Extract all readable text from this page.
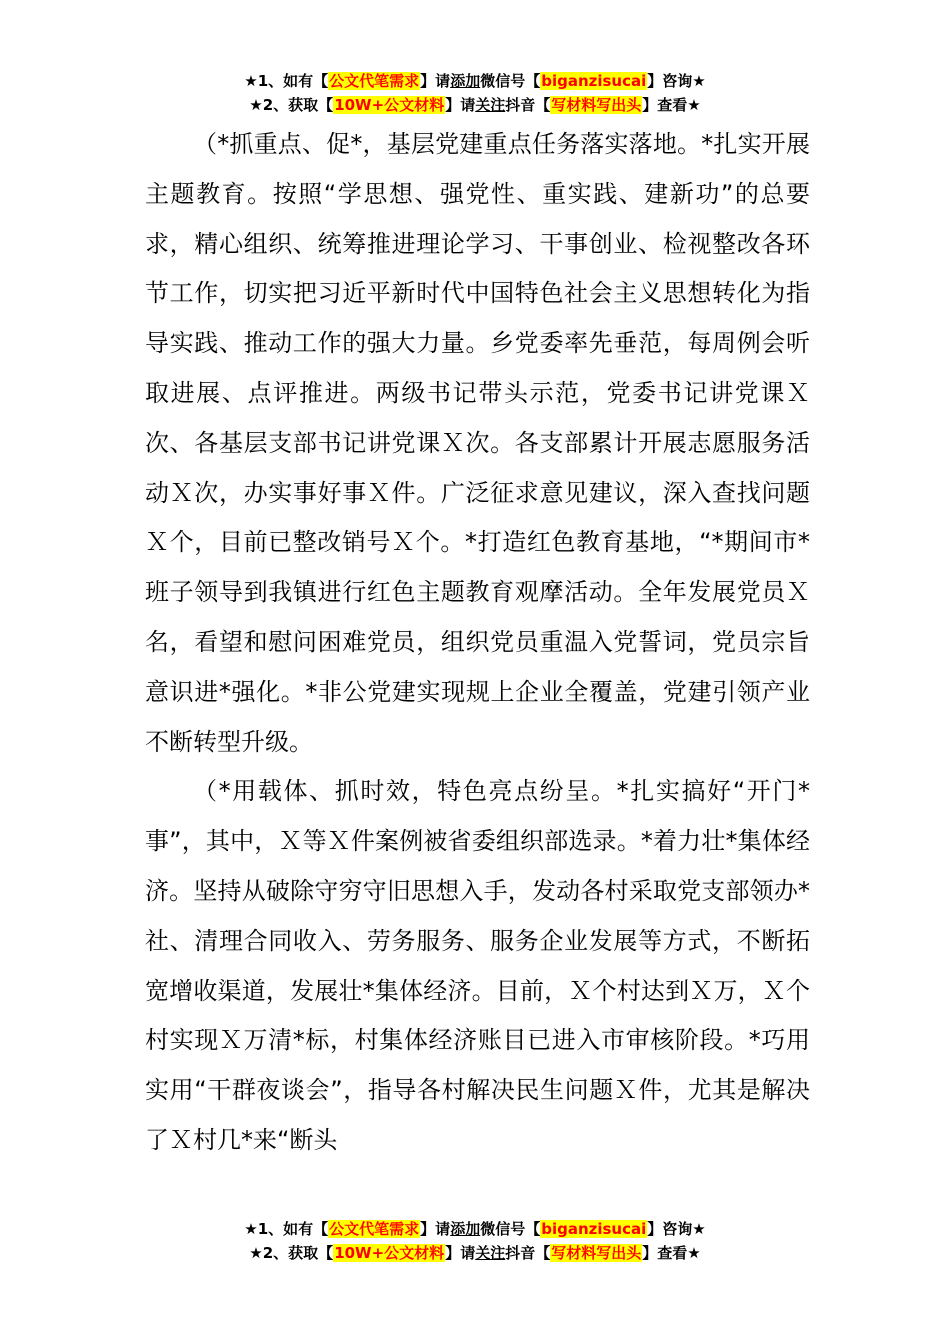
★1、如有【公文代笔需求】请添加微信号【biganzisucai】咨询★
★2、获取【10W+公文材料】请关注抖音【写材料写出头】查看★

（*抓重点、促*，基层党建重点任务落实落地。*扎实开展主题教育。按照“学思想、强党性、重实践、建新功”的总要求，精心组织、统筹推进理论学习、干事创业、检视整改各环节工作，切实把习近平新时代中国特色社会主义思想转化为指导实践、推动工作的强大力量。乡党委率先垂范，每周例会听取进展、点评推进。两级书记带头示范，党委书记讲党课Ｘ次、各基层支部书记讲党课Ｘ次。各支部累计开展志愿服务活动Ｘ次，办实事好事Ｘ件。广泛征求意见建议，深入查找问题Ｘ个，目前已整改销号Ｘ个。*打造红色教育基地，“*期间市*班子领导到我镇进行红色主题教育观摩活动。全年发展党员Ｘ名，看望和慰问困难党员，组织党员重温入党誓词，党员宗旨意识进*强化。*非公党建实现规上企业全覆盖，党建引领产业不断转型升级。

（*用载体、抓时效，特色亮点纷呈。*扎实搞好“开门*事”，其中，Ｘ等Ｘ件案例被省委组织部选录。*着力壮*集体经济。坚持从破除守穷守旧思想入手，发动各村采取党支部领办*社、清理合同收入、劳务服务、服务企业发展等方式，不断拓宽增收渠道，发展壮*集体经济。目前，Ｘ个村达到Ｘ万，Ｘ个村实现Ｘ万清*标，村集体经济账目已进入市审核阶段。*巧用实用“干群夜谈会”，指导各村解决民生问题Ｘ件，尤其是解决了Ｘ村几*来“断头

★1、如有【公文代笔需求】请添加微信号【biganzisucai】咨询★
★2、获取【10W+公文材料】请关注抖音【写材料写出头】查看★
